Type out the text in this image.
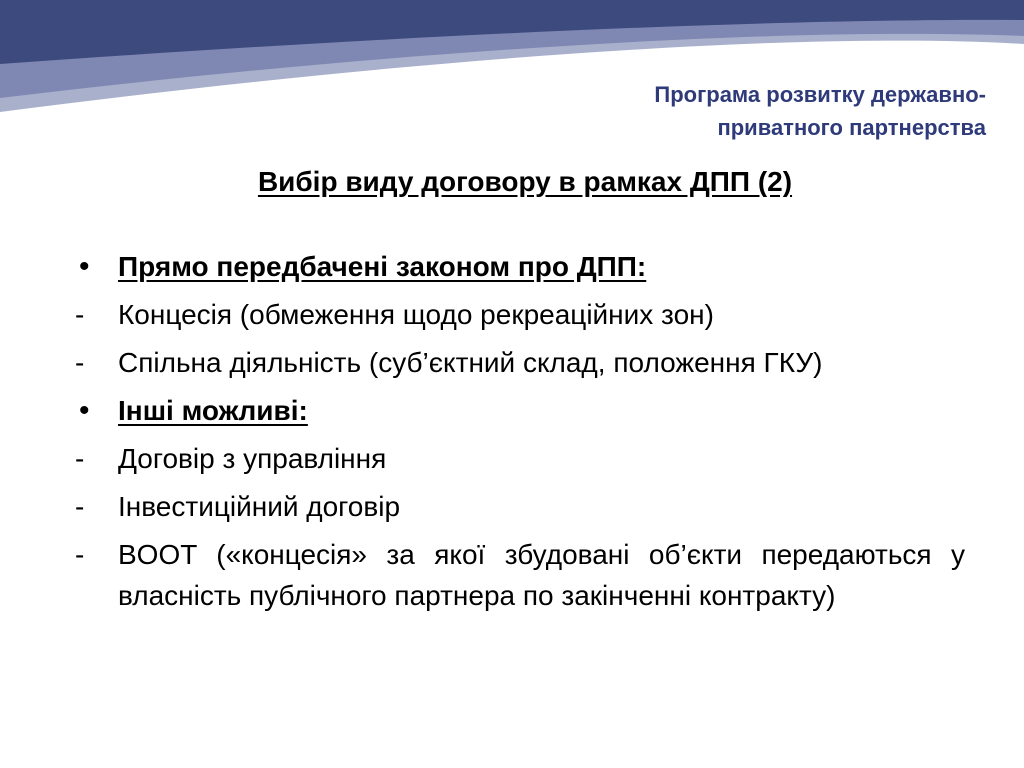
Програма розвитку державно-
приватного партнерства
Вибір виду договору в рамках ДПП (2)
•	Прямо передбачені законом про ДПП:
-	Концесія (обмеження щодо рекреаційних зон)
-	Спільна діяльність (суб’єктний склад, положення ГКУ)
•	Інші можливі:
-	Договір з управління
-	Інвестиційний договір
-	BOOT («концесія» за якої збудовані об’єкти передаються у власність публічного партнера по закінченні контракту)
